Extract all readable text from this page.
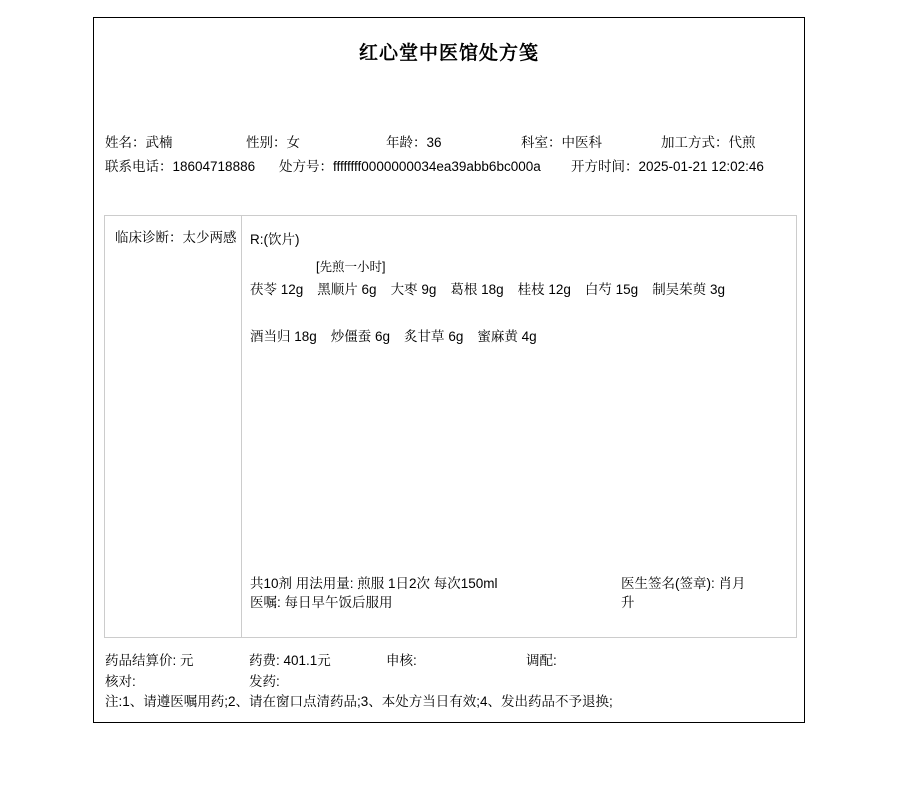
红心堂中医馆处方笺
姓名：武楠	性别：女	年龄：36	科室：中医科	加工方式：代煎
联系电话：18604718886 处方号：ffffffff0000000034ea39abb6bc000a 开方时间：2025-01-21 12:02:46
临床诊断：太少两感	R:(饮片)
[先煎一小时]
茯苓 12g 黑顺片 6g 大枣 9g 葛根 18g 桂枝 12g 白芍 15g 制吴茱萸 3g
酒当归 18g 炒僵蚕 6g 炙甘草 6g 蜜麻黄 4g
共10剂 用法用量: 煎服 1日2次 每次150ml
医嘱: 每日早午饭后服用
医生签名(签章): 肖月升
药品结算价: 元	药费: 401.1元	申核:	调配:
核对:	发药:
注:1、请遵医嘱用药;2、请在窗口点清药品;3、本处方当日有效;4、发出药品不予退换;
